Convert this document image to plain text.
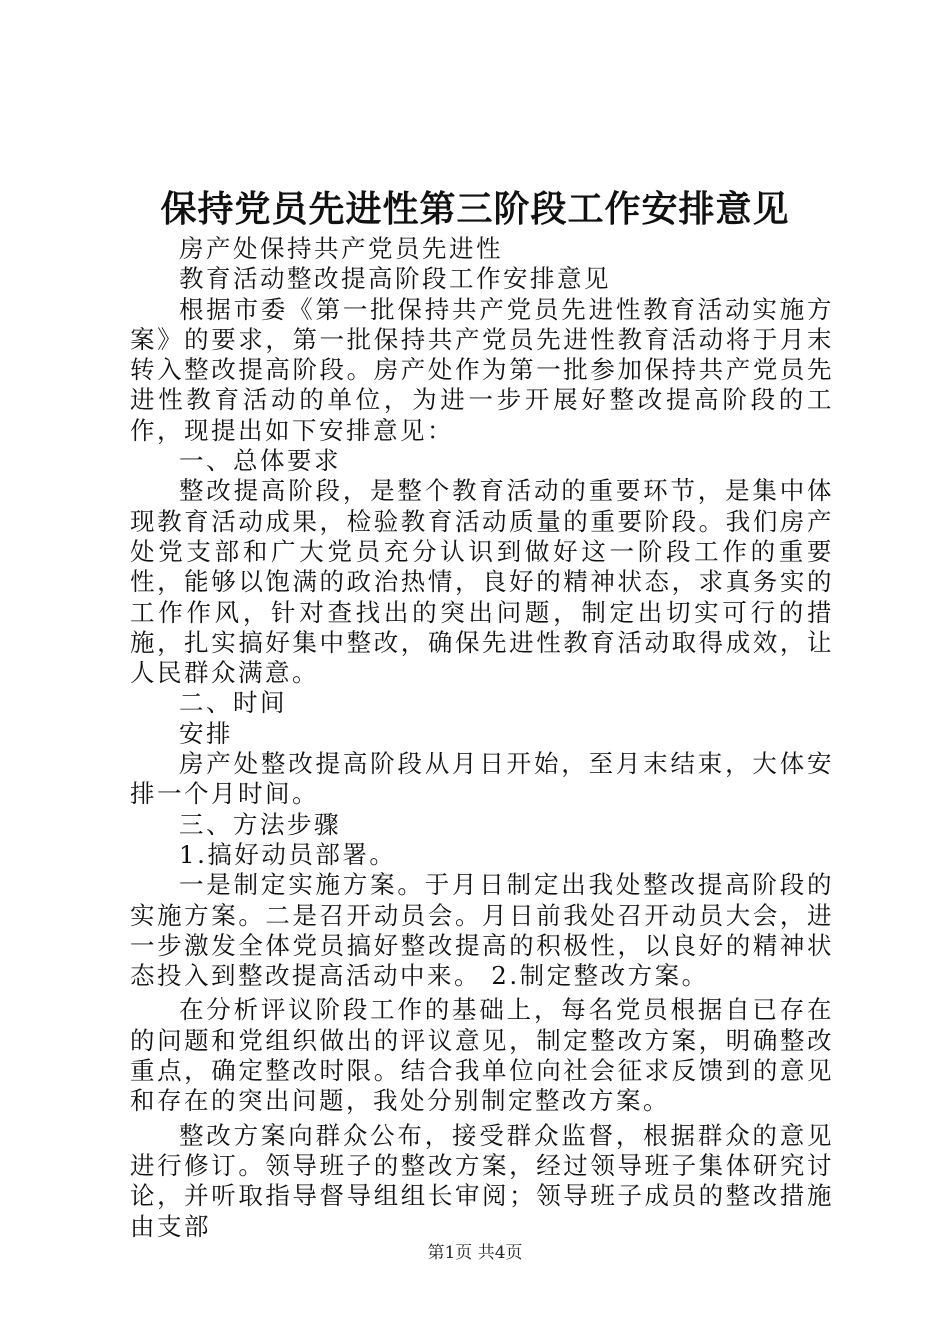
保持党员先进性第三阶段工作安排意见

房产处保持共产党员先进性

教育活动整改提高阶段工作安排意见

根据市委《第一批保持共产党员先进性教育活动实施方案》的要求，第一批保持共产党员先进性教育活动将于月末转入整改提高阶段。房产处作为第一批参加保持共产党员先进性教育活动的单位，为进一步开展好整改提高阶段的工作，现提出如下安排意见：

一、总体要求

整改提高阶段，是整个教育活动的重要环节，是集中体现教育活动成果，检验教育活动质量的重要阶段。我们房产处党支部和广大党员充分认识到做好这一阶段工作的重要性，能够以饱满的政治热情，良好的精神状态，求真务实的工作作风，针对查找出的突出问题，制定出切实可行的措施，扎实搞好集中整改，确保先进性教育活动取得成效，让人民群众满意。

二、时间

安排

房产处整改提高阶段从月日开始，至月末结束，大体安排一个月时间。

三、方法步骤

1.搞好动员部署。

一是制定实施方案。于月日制定出我处整改提高阶段的实施方案。二是召开动员会。月日前我处召开动员大会，进一步激发全体党员搞好整改提高的积极性，以良好的精神状态投入到整改提高活动中来。 2.制定整改方案。

在分析评议阶段工作的基础上，每名党员根据自已存在的问题和党组织做出的评议意见，制定整改方案，明确整改重点，确定整改时限。结合我单位向社会征求反馈到的意见和存在的突出问题，我处分别制定整改方案。

整改方案向群众公布，接受群众监督，根据群众的意见进行修订。领导班子的整改方案，经过领导班子集体研究讨论，并听取指导督导组组长审阅；领导班子成员的整改措施由支部

第1页 共4页
